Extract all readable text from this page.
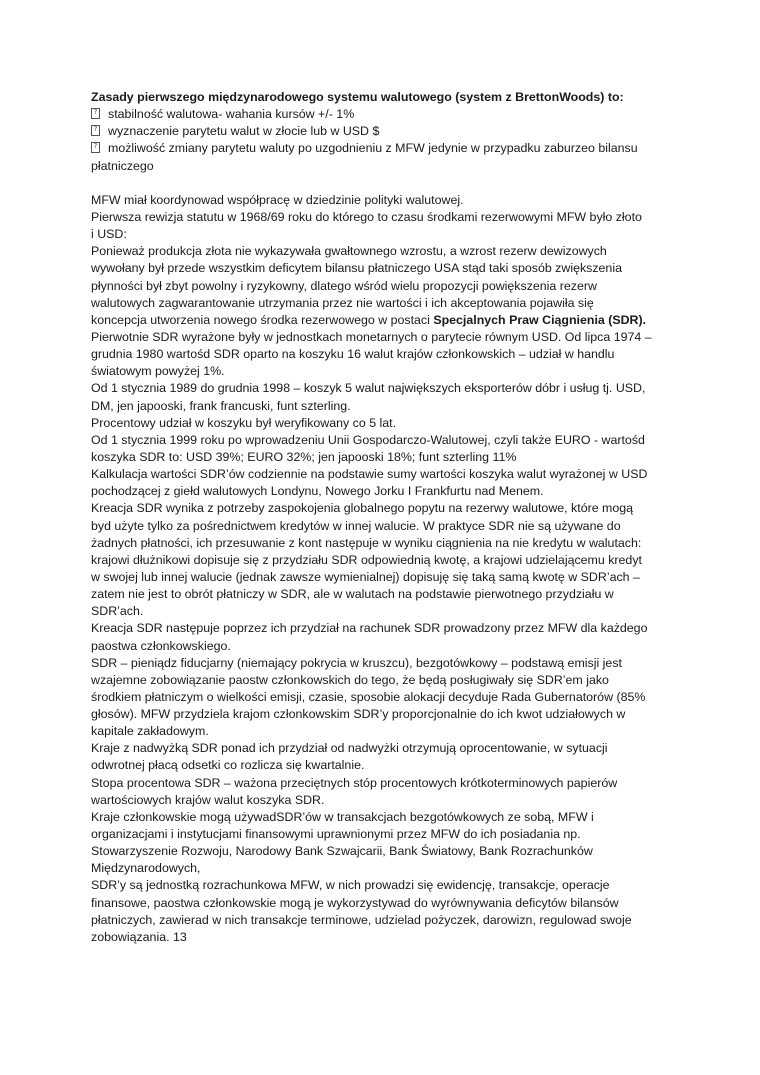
Zasady pierwszego międzynarodowego systemu walutowego (system z BrettonWoods) to:
?stabilność walutowa- wahania kursów +/- 1%
?wyznaczenie parytetu walut w złocie lub w USD $
?możliwość zmiany parytetu waluty po uzgodnieniu z MFW jedynie w przypadku zaburzeo bilansu
płatniczego
MFW miał koordynowad współpracę w dziedzinie polityki walutowej.
Pierwsza rewizja statutu w 1968/69 roku do którego to czasu środkami rezerwowymi MFW było złoto
i USD:
Ponieważ produkcja złota nie wykazywała gwałtownego wzrostu, a wzrost rezerw dewizowych
wywołany był przede wszystkim deficytem bilansu płatniczego USA stąd taki sposób zwiększenia
płynności był zbyt powolny i ryzykowny, dlatego wśród wielu propozycji powiększenia rezerw
walutowych zagwarantowanie utrzymania przez nie wartości i ich akceptowania pojawiła się
koncepcja utworzenia nowego środka rezerwowego w postaci Specjalnych Praw Ciągnienia (SDR).
Pierwotnie SDR wyrażone były w jednostkach monetarnych o parytecie równym USD. Od lipca 1974 –
grudnia 1980 wartośd SDR oparto na koszyku 16 walut krajów członkowskich – udział w handlu
światowym powyżej 1%.
Od 1 stycznia 1989 do grudnia 1998 – koszyk 5 walut największych eksporterów dóbr i usług tj. USD,
DM, jen japooski, frank francuski, funt szterling.
Procentowy udział w koszyku był weryfikowany co 5 lat.
Od 1 stycznia 1999 roku po wprowadzeniu Unii Gospodarczo-Walutowej, czyli także EURO - wartośd
koszyka SDR to: USD 39%; EURO 32%; jen japooski 18%; funt szterling 11%
Kalkulacja wartości SDR’ów codziennie na podstawie sumy wartości koszyka walut wyrażonej w USD
pochodzącej z giełd walutowych Londynu, Nowego Jorku I Frankfurtu nad Menem.
Kreacja SDR wynika z potrzeby zaspokojenia globalnego popytu na rezerwy walutowe, które mogą
byd użyte tylko za pośrednictwem kredytów w innej walucie. W praktyce SDR nie są używane do
żadnych płatności, ich przesuwanie z kont następuje w wyniku ciągnienia na nie kredytu w walutach:
krajowi dłużnikowi dopisuje się z przydziału SDR odpowiednią kwotę, a krajowi udzielającemu kredyt
w swojej lub innej walucie (jednak zawsze wymienialnej) dopisuję się taką samą kwotę w SDR’ach –
zatem nie jest to obrót płatniczy w SDR, ale w walutach na podstawie pierwotnego przydziału w
SDR’ach.
Kreacja SDR następuje poprzez ich przydział na rachunek SDR prowadzony przez MFW dla każdego
paostwa członkowskiego.
SDR – pieniądz fiducjarny (niemający pokrycia w kruszcu), bezgotówkowy – podstawą emisji jest
wzajemne zobowiązanie paostw członkowskich do tego, że będą posługiwały się SDR’em jako
środkiem płatniczym o wielkości emisji, czasie, sposobie alokacji decyduje Rada Gubernatorów (85%
głosów). MFW przydziela krajom członkowskim SDR’y proporcjonalnie do ich kwot udziałowych w
kapitale zakładowym.
Kraje z nadwyżką SDR ponad ich przydział od nadwyżki otrzymują oprocentowanie, w sytuacji
odwrotnej płacą odsetki co rozlicza się kwartalnie.
Stopa procentowa SDR – ważona przeciętnych stóp procentowych krótkoterminowych papierów
wartościowych krajów walut koszyka SDR.
Kraje członkowskie mogą używadSDR’ów w transakcjach bezgotówkowych ze sobą, MFW i
organizacjami i instytucjami finansowymi uprawnionymi przez MFW do ich posiadania np.
Stowarzyszenie Rozwoju, Narodowy Bank Szwajcarii, Bank Światowy, Bank Rozrachunków
Międzynarodowych,
SDR’y są jednostką rozrachunkowa MFW, w nich prowadzi się ewidencję, transakcje, operacje
finansowe, paostwa członkowskie mogą je wykorzystywad do wyrównywania deficytów bilansów
płatniczych, zawierad w nich transakcje terminowe, udzielad pożyczek, darowizn, regulowad swoje
zobowiązania. 13
